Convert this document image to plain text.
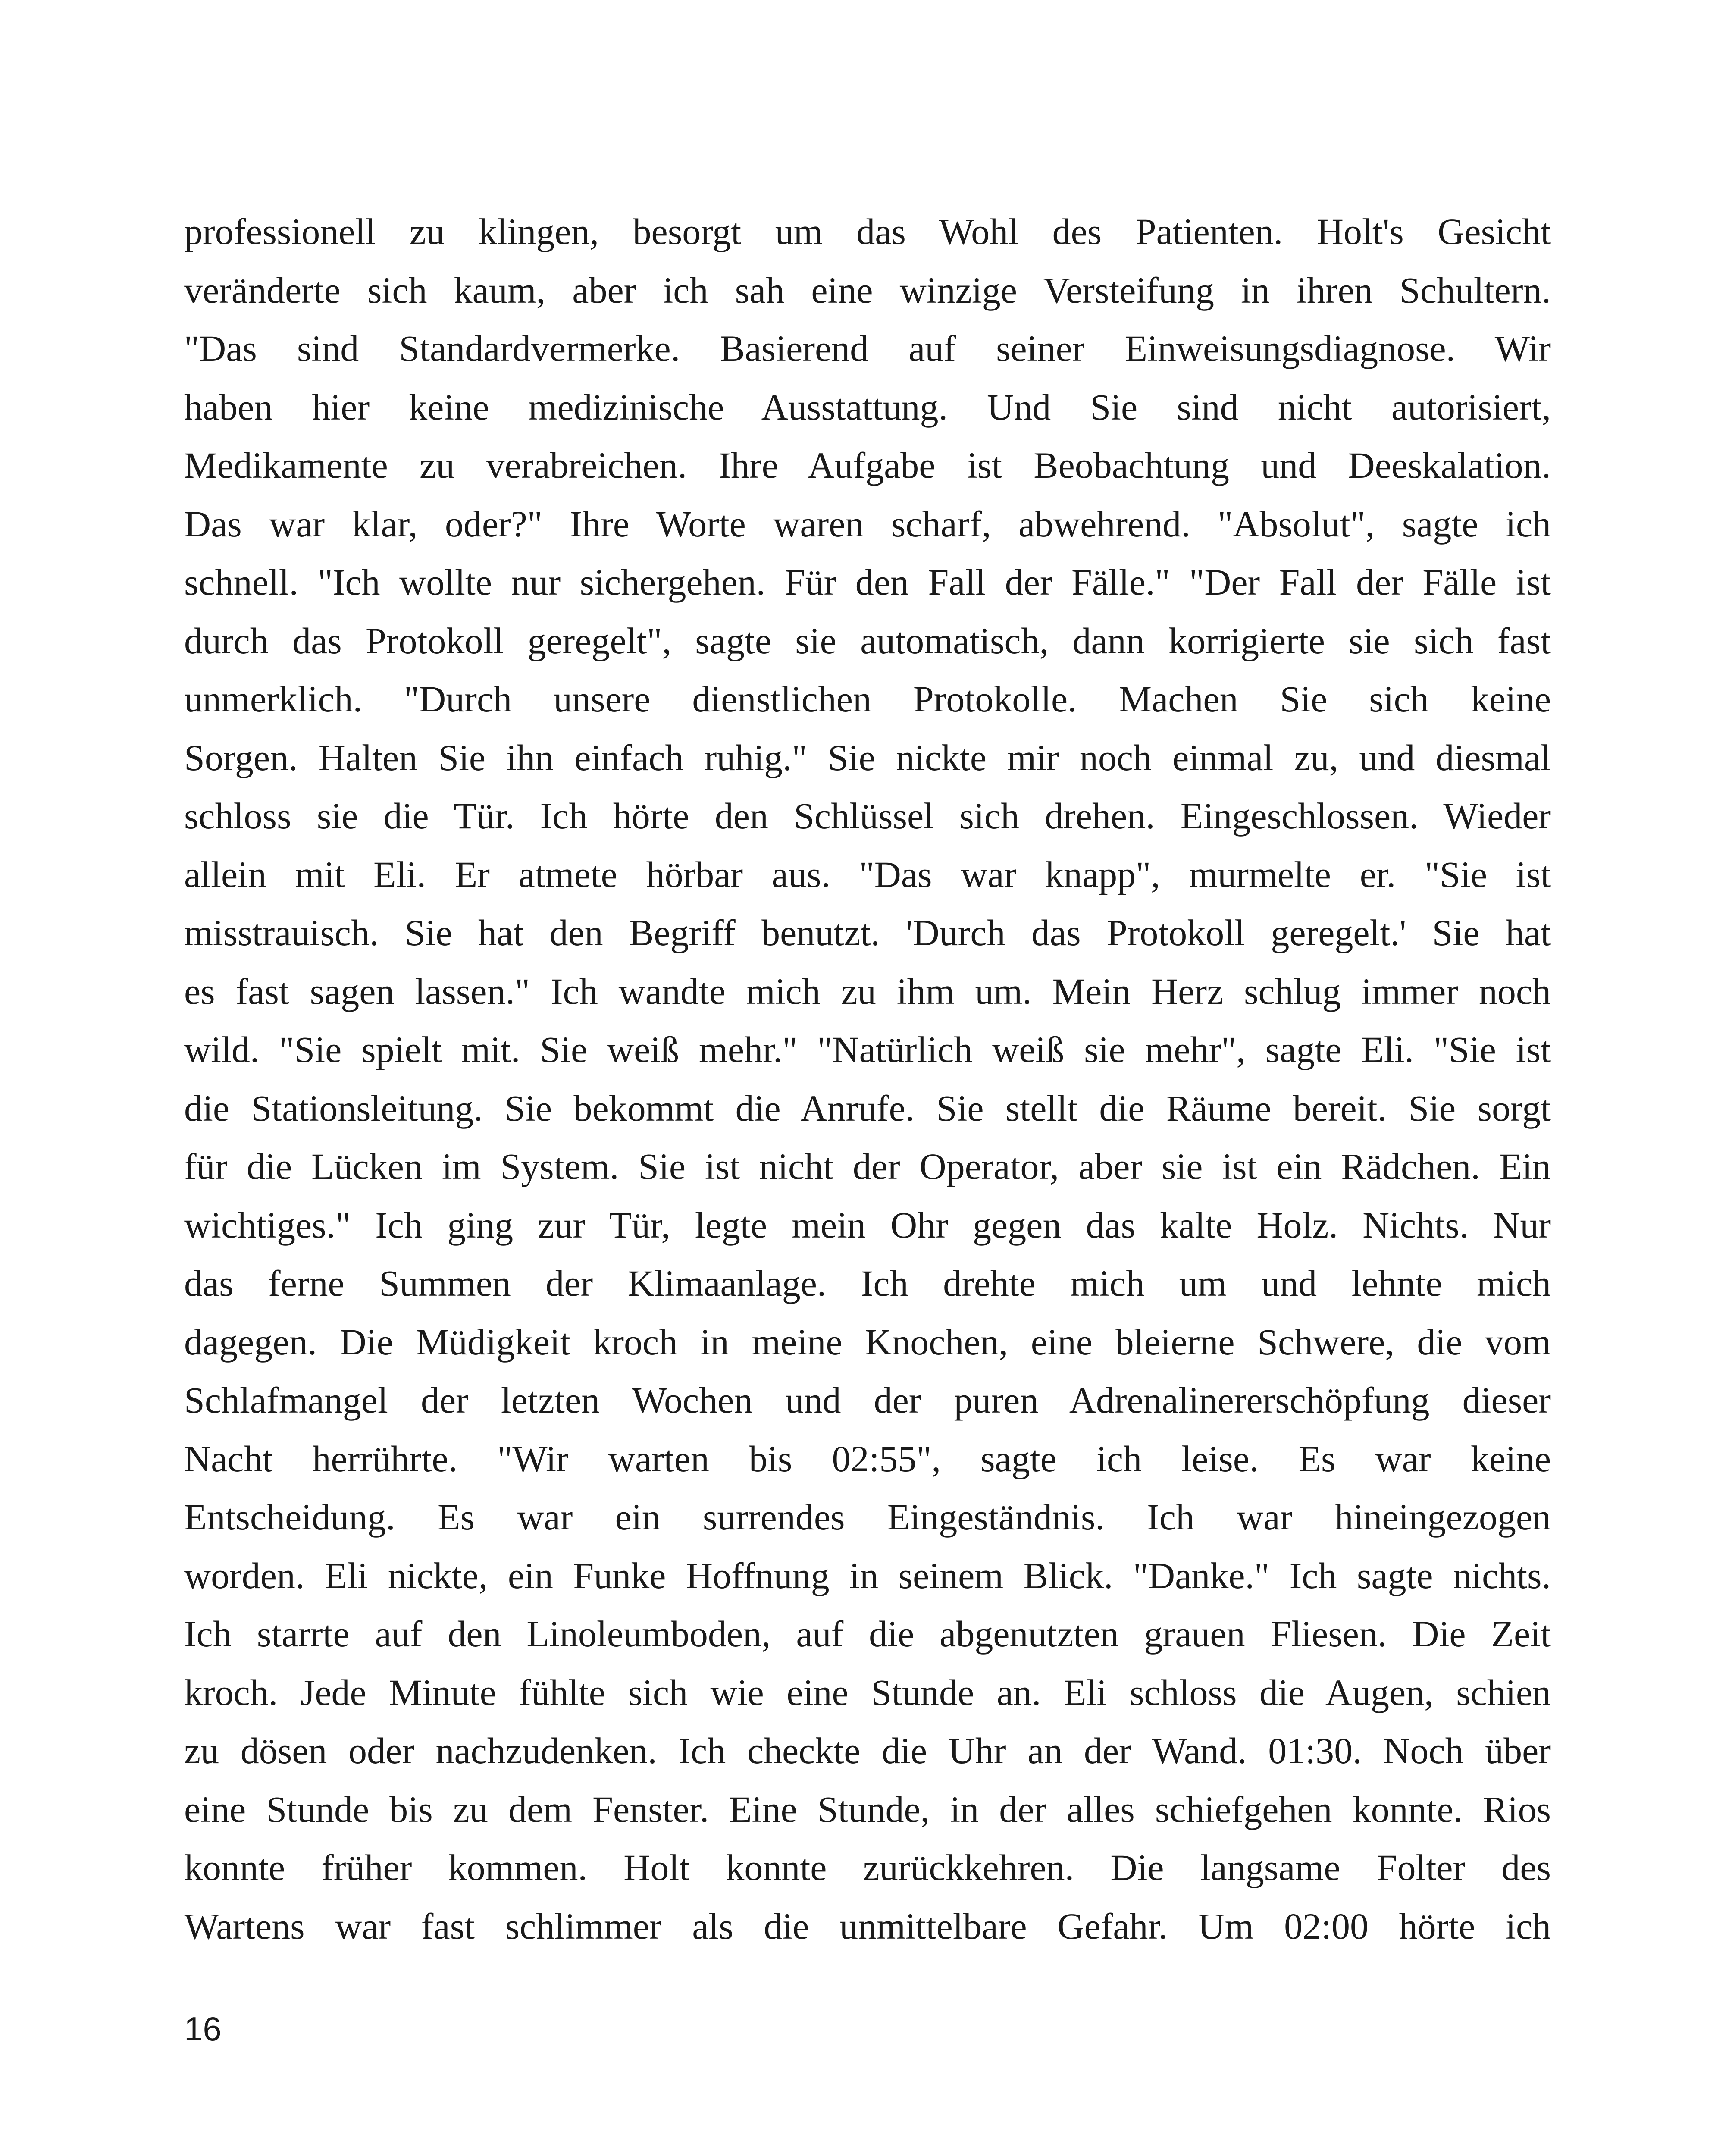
professionell zu klingen, besorgt um das Wohl des Patienten. Holt's Gesicht
veränderte sich kaum, aber ich sah eine winzige Versteifung in ihren Schultern.
"Das sind Standardvermerke. Basierend auf seiner Einweisungsdiagnose. Wir
haben hier keine medizinische Ausstattung. Und Sie sind nicht autorisiert,
Medikamente zu verabreichen. Ihre Aufgabe ist Beobachtung und Deeskalation.
Das war klar, oder?" Ihre Worte waren scharf, abwehrend. "Absolut", sagte ich
schnell. "Ich wollte nur sichergehen. Für den Fall der Fälle." "Der Fall der Fälle ist
durch das Protokoll geregelt", sagte sie automatisch, dann korrigierte sie sich fast
unmerklich. "Durch unsere dienstlichen Protokolle. Machen Sie sich keine
Sorgen. Halten Sie ihn einfach ruhig." Sie nickte mir noch einmal zu, und diesmal
schloss sie die Tür. Ich hörte den Schlüssel sich drehen. Eingeschlossen. Wieder
allein mit Eli. Er atmete hörbar aus. "Das war knapp", murmelte er. "Sie ist
misstrauisch. Sie hat den Begriff benutzt. 'Durch das Protokoll geregelt.' Sie hat
es fast sagen lassen." Ich wandte mich zu ihm um. Mein Herz schlug immer noch
wild. "Sie spielt mit. Sie weiß mehr." "Natürlich weiß sie mehr", sagte Eli. "Sie ist
die Stationsleitung. Sie bekommt die Anrufe. Sie stellt die Räume bereit. Sie sorgt
für die Lücken im System. Sie ist nicht der Operator, aber sie ist ein Rädchen. Ein
wichtiges." Ich ging zur Tür, legte mein Ohr gegen das kalte Holz. Nichts. Nur
das ferne Summen der Klimaanlage. Ich drehte mich um und lehnte mich
dagegen. Die Müdigkeit kroch in meine Knochen, eine bleierne Schwere, die vom
Schlafmangel der letzten Wochen und der puren Adrenalinererschöpfung dieser
Nacht herrührte. "Wir warten bis 02:55", sagte ich leise. Es war keine
Entscheidung. Es war ein surrendes Eingeständnis. Ich war hineingezogen
worden. Eli nickte, ein Funke Hoffnung in seinem Blick. "Danke." Ich sagte nichts.
Ich starrte auf den Linoleumboden, auf die abgenutzten grauen Fliesen. Die Zeit
kroch. Jede Minute fühlte sich wie eine Stunde an. Eli schloss die Augen, schien
zu dösen oder nachzudenken. Ich checkte die Uhr an der Wand. 01:30. Noch über
eine Stunde bis zu dem Fenster. Eine Stunde, in der alles schiefgehen konnte. Rios
konnte früher kommen. Holt konnte zurückkehren. Die langsame Folter des
Wartens war fast schlimmer als die unmittelbare Gefahr. Um 02:00 hörte ich
16
